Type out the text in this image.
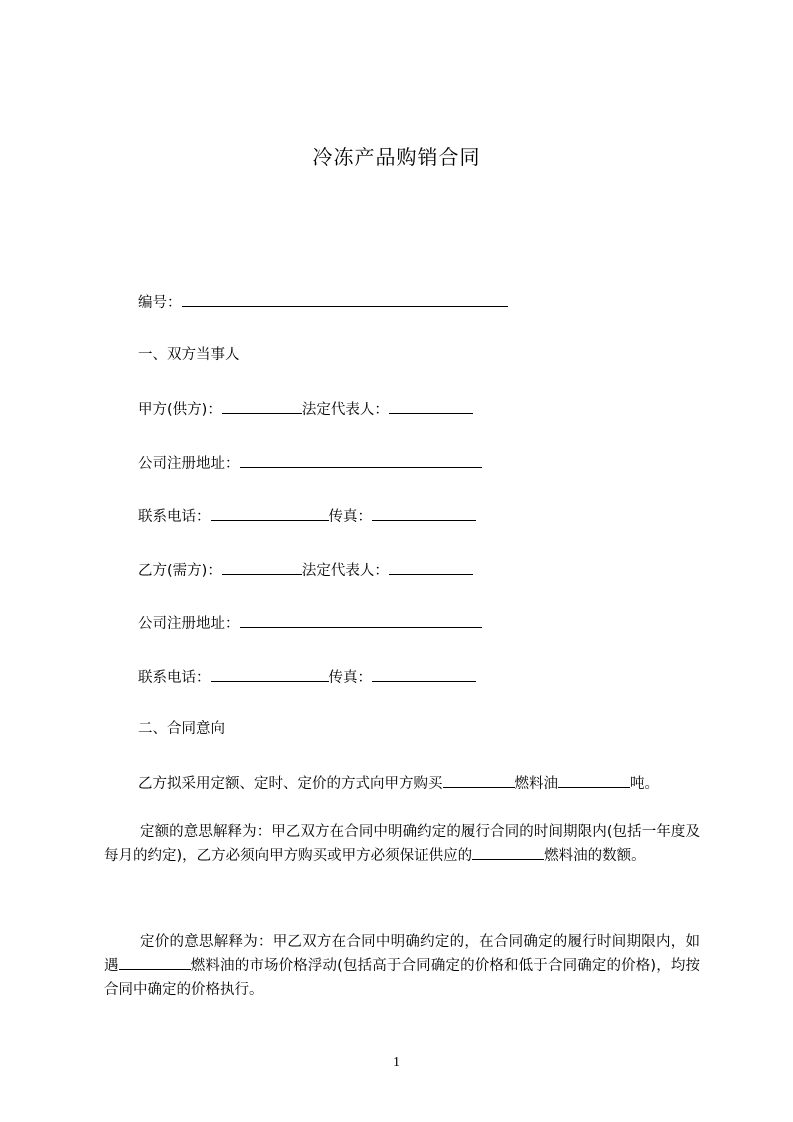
冷冻产品购销合同
编号：
一、双方当事人
甲方(供方)：	法定代表人：
公司注册地址：
联系电话：	传真：
乙方(需方)：	法定代表人：
公司注册地址：
联系电话：	传真：
二、合同意向
乙方拟采用定额、定时、定价的方式向甲方购买	燃料油	吨。
定额的意思解释为：甲乙双方在合同中明确约定的履行合同的时间期限内(包括一年度及每月的约定)，乙方必须向甲方购买或甲方必须保证供应的	燃料油的数额。
定价的意思解释为：甲乙双方在合同中明确约定的，在合同确定的履行时间期限内，如遇	燃料油的市场价格浮动(包括高于合同确定的价格和低于合同确定的价格)，均按合同中确定的价格执行。
1
